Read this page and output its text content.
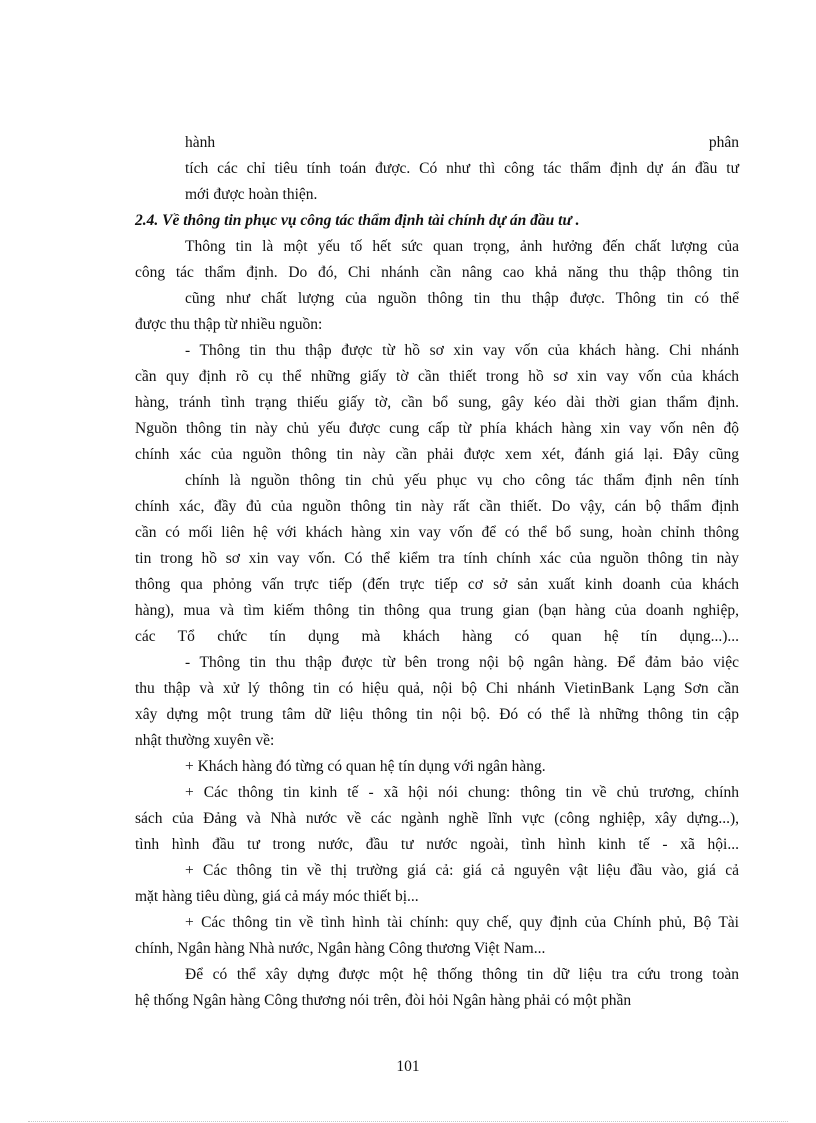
hành	phân
tích các chỉ tiêu tính toán được. Có như thì công tác thẩm định dự án đầu tư
mới được hoàn thiện.
2.4. Về thông tin phục vụ công tác thẩm định tài chính dự án đầu tư .
Thông tin là một yếu tố hết sức quan trọng, ảnh hưởng đến chất lượng của
công tác thẩm định. Do đó, Chi nhánh cần nâng cao khả năng thu thập thông tin
cũng như chất lượng của nguồn thông tin thu thập được. Thông tin có thể
được thu thập từ nhiều nguồn:
- Thông tin thu thập được từ hồ sơ xin vay vốn của khách hàng. Chi nhánh
cần quy định rõ cụ thể những giấy tờ cần thiết trong hồ sơ xin vay vốn của khách
hàng, tránh tình trạng thiếu giấy tờ, cần bổ sung, gây kéo dài thời gian thẩm định.
Nguồn thông tin này chủ yếu được cung cấp từ phía khách hàng xin vay vốn nên độ
chính xác của nguồn thông tin này cần phải được xem xét, đánh giá lại. Đây cũng
chính là nguồn thông tin chủ yếu phục vụ cho công tác thẩm định nên tính
chính xác, đầy đủ của nguồn thông tin này rất cần thiết. Do vậy, cán bộ thẩm định
cần có mối liên hệ với khách hàng xin vay vốn để có thể bổ sung, hoàn chỉnh thông
tin trong hồ sơ xin vay vốn. Có thể kiểm tra tính chính xác của nguồn thông tin này
thông qua phỏng vấn trực tiếp (đến trực tiếp cơ sở sản xuất kinh doanh của khách
hàng), mua và tìm kiếm thông tin thông qua trung gian (bạn hàng của doanh nghiệp,
các Tổ chức tín dụng mà khách hàng có quan hệ tín dụng...)...
- Thông tin thu thập được từ bên trong nội bộ ngân hàng. Để đảm bảo việc
thu thập và xử lý thông tin có hiệu quả, nội bộ Chi nhánh VietinBank Lạng Sơn cần
xây dựng một trung tâm dữ liệu thông tin nội bộ. Đó có thể là những thông tin cập
nhật thường xuyên về:
+ Khách hàng đó từng có quan hệ tín dụng với ngân hàng.
+ Các thông tin kinh tế - xã hội nói chung: thông tin về chủ trương, chính
sách của Đảng và Nhà nước về các ngành nghề lĩnh vực (công nghiệp, xây dựng...),
tình hình đầu tư trong nước, đầu tư nước ngoài, tình hình kinh tế - xã hội...
+ Các thông tin về thị trường giá cả: giá cả nguyên vật liệu đầu vào, giá cả
mặt hàng tiêu dùng, giá cả máy móc thiết bị...
+ Các thông tin về tình hình tài chính: quy chế, quy định của Chính phủ, Bộ Tài
chính, Ngân hàng Nhà nước, Ngân hàng Công thương Việt Nam...
Để có thể xây dựng được một hệ thống thông tin dữ liệu tra cứu trong toàn
hệ thống Ngân hàng Công thương nói trên, đòi hỏi Ngân hàng phải có một phần
101
